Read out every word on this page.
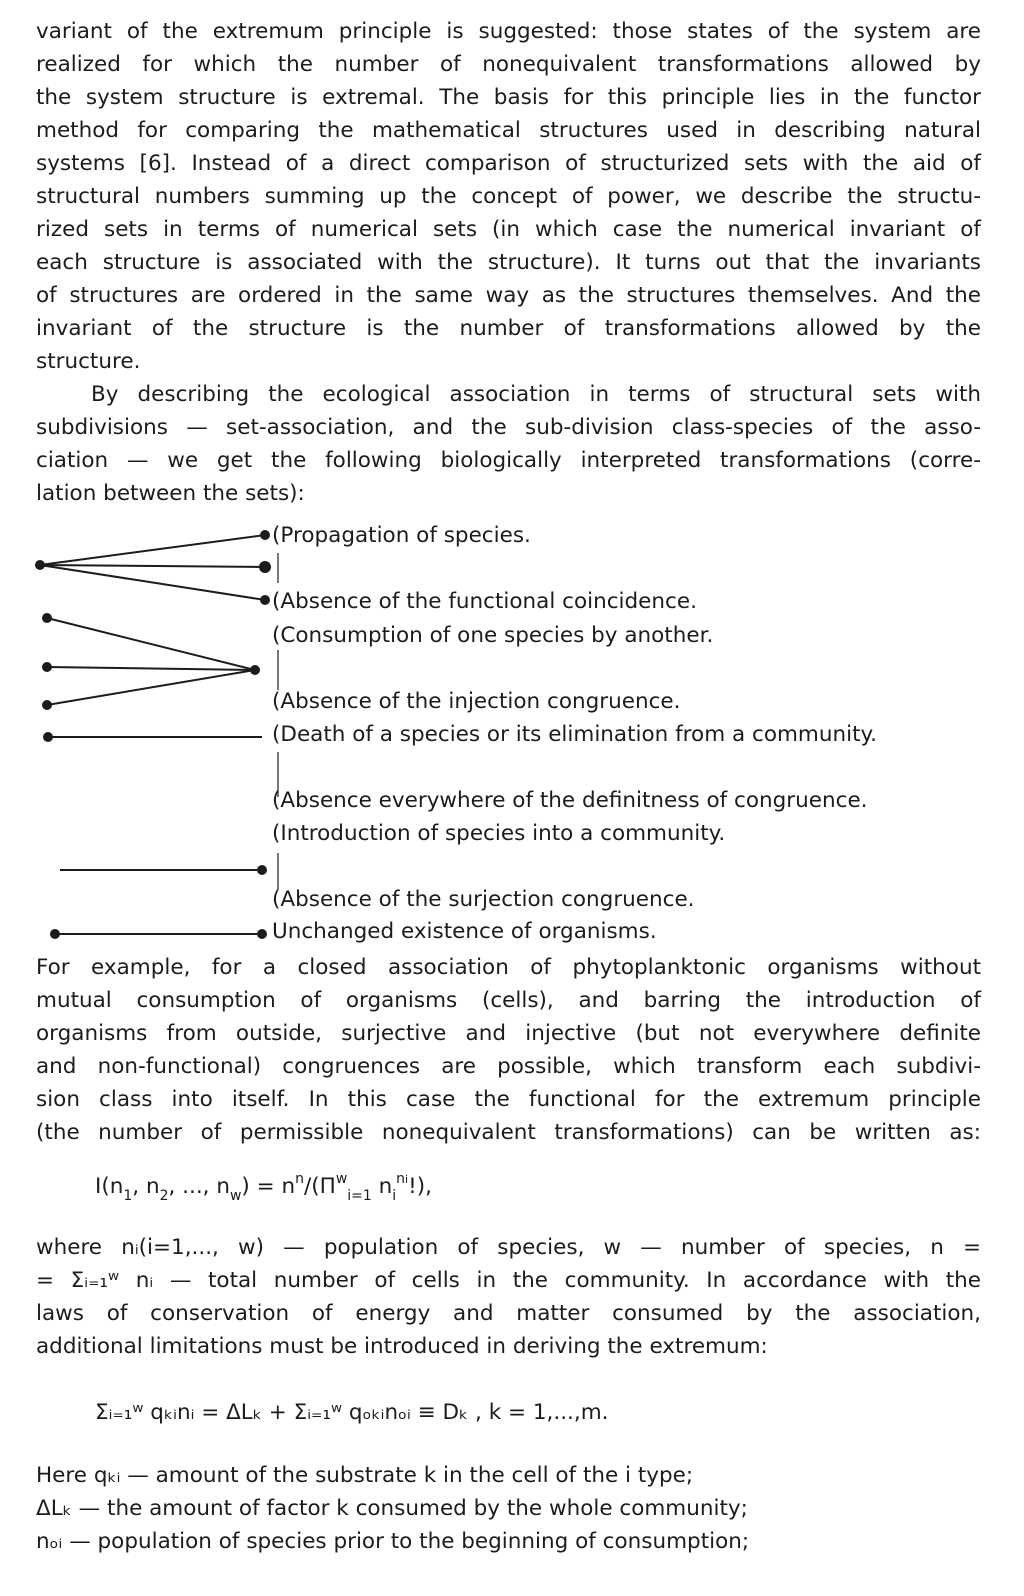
variant of the extremum principle is suggested: those states of the system are
realized for which the number of nonequivalent transformations allowed by
the system structure is extremal. The basis for this principle lies in the functor
method for comparing the mathematical structures used in describing natural
systems [6]. Instead of a direct comparison of structurized sets with the aid of
structural numbers summing up the concept of power, we describe the structu-
rized sets in terms of numerical sets (in which case the numerical invariant of
each structure is associated with the structure). It turns out that the invariants
of structures are ordered in the same way as the structures themselves. And the
invariant of the structure is the number of transformations allowed by the
structure.
By describing the ecological association in terms of structural sets with
subdivisions — set-association, and the sub-division class-species of the asso-
ciation — we get the following biologically interpreted transformations (corre-
lation between the sets):
(Propagation of species.
(Absence of the functional coincidence.
(Consumption of one species by another.
(Absence of the injection congruence.
(Death of a species or its elimination from a community.
(Absence everywhere of the definitness of congruence.
(Introduction of species into a community.
(Absence of the surjection congruence.
Unchanged existence of organisms.
For example, for a closed association of phytoplanktonic organisms without
mutual consumption of organisms (cells), and barring the introduction of
organisms from outside, surjective and injective (but not everywhere definite
and non-functional) congruences are possible, which transform each subdivi-
sion class into itself. In this case the functional for the extremum principle
(the number of permissible nonequivalent transformations) can be written as:
$I(n_1$, $n_2$, ..., $n_w) = n^n/(\Pi^w_{i=1}$ $n_i^{ni}$!),
where nᵢ(i=1,..., w) — population of species, w — number of species, n =
= Σᵢ₌₁ʷ nᵢ — total number of cells in the community. In accordance with the
laws of conservation of energy and matter consumed by the association,
additional limitations must be introduced in deriving the extremum:
Σᵢ₌₁ʷ qₖᵢnᵢ = ΔLₖ + Σᵢ₌₁ʷ qₒₖᵢnₒᵢ ≡ Dₖ , k = 1,...,m.
Here qₖᵢ — amount of the substrate k in the cell of the i type;
ΔLₖ — the amount of factor k consumed by the whole community;
nₒᵢ — population of species prior to the beginning of consumption;
